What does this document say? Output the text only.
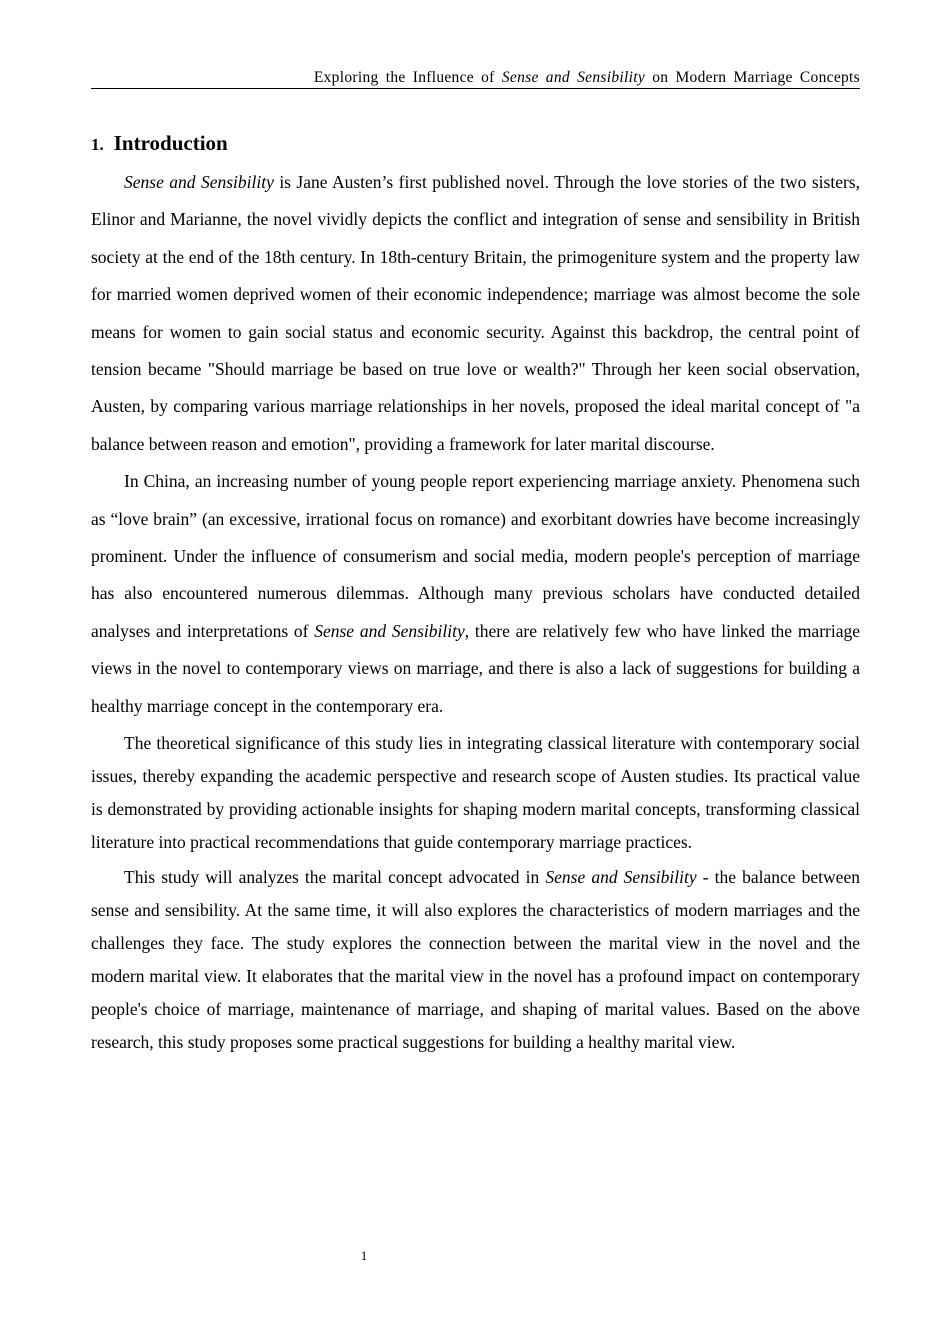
Exploring the Influence of Sense and Sensibility on Modern Marriage Concepts
1. Introduction

Sense and Sensibility is Jane Austen’s first published novel. Through the love stories of the two sisters, Elinor and Marianne, the novel vividly depicts the conflict and integration of sense and sensibility in British society at the end of the 18th century. In 18th-century Britain, the primogeniture system and the property law for married women deprived women of their economic independence; marriage was almost become the sole means for women to gain social status and economic security. Against this backdrop, the central point of tension became "Should marriage be based on true love or wealth?" Through her keen social observation, Austen, by comparing various marriage relationships in her novels, proposed the ideal marital concept of "a balance between reason and emotion", providing a framework for later marital discourse.

In China, an increasing number of young people report experiencing marriage anxiety. Phenomena such as “love brain” (an excessive, irrational focus on romance) and exorbitant dowries have become increasingly prominent. Under the influence of consumerism and social media, modern people's perception of marriage has also encountered numerous dilemmas. Although many previous scholars have conducted detailed analyses and interpretations of Sense and Sensibility, there are relatively few who have linked the marriage views in the novel to contemporary views on marriage, and there is also a lack of suggestions for building a healthy marriage concept in the contemporary era.

The theoretical significance of this study lies in integrating classical literature with contemporary social issues, thereby expanding the academic perspective and research scope of Austen studies. Its practical value is demonstrated by providing actionable insights for shaping modern marital concepts, transforming classical literature into practical recommendations that guide contemporary marriage practices.

This study will analyzes the marital concept advocated in Sense and Sensibility - the balance between sense and sensibility. At the same time, it will also explores the characteristics of modern marriages and the challenges they face. The study explores the connection between the marital view in the novel and the modern marital view. It elaborates that the marital view in the novel has a profound impact on contemporary people's choice of marriage, maintenance of marriage, and shaping of marital values. Based on the above research, this study proposes some practical suggestions for building a healthy marital view.

1
